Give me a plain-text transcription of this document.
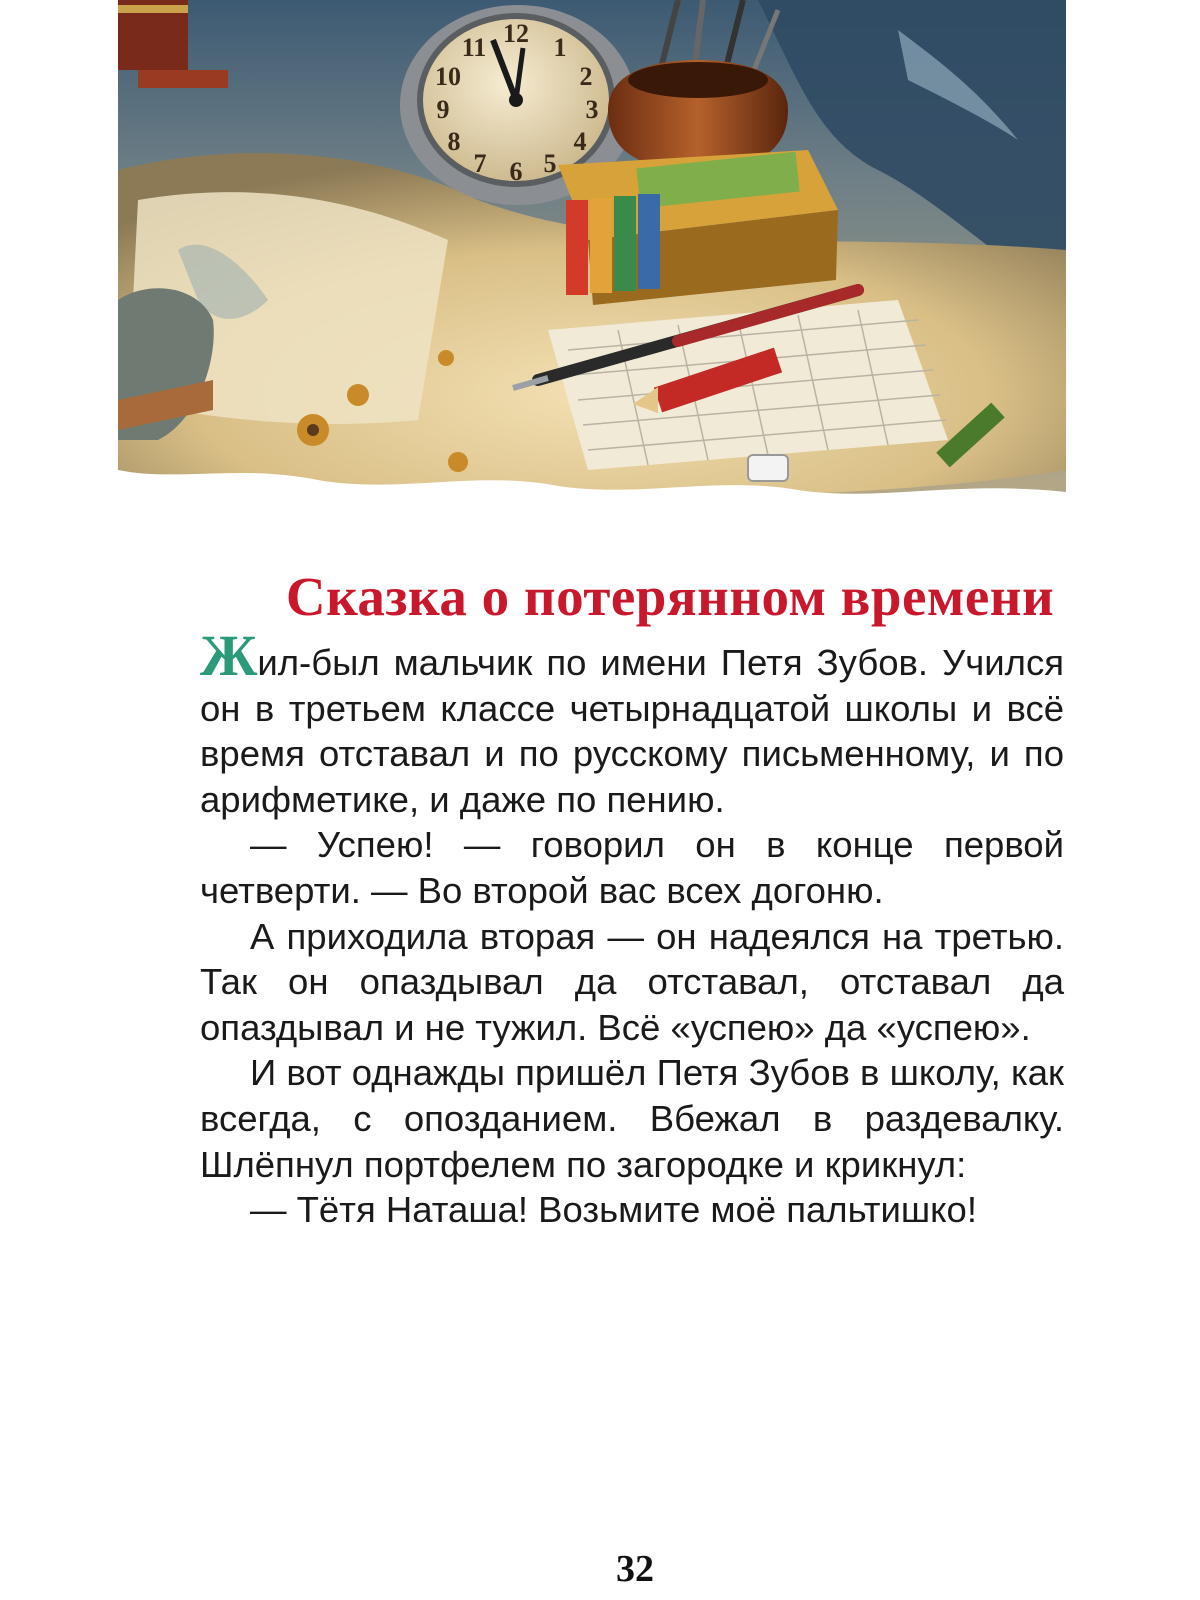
12 1
2
3
4
5
6
7
8
9
10
11
Сказка о потерянном времени

Жил-был мальчик по имени Петя Зубов. Учился он в третьем классе четырнадцатой школы и всё время отставал и по русскому письменному, и по арифметике, и даже по пению.

— Успею! — говорил он в конце первой четверти. — Во второй вас всех догоню.

А приходила вторая — он надеялся на третью. Так он опаздывал да отставал, отставал да опаздывал и не тужил. Всё «успею» да «успею».

И вот однажды пришёл Петя Зубов в школу, как всегда, с опозданием. Вбежал в раздевалку. Шлёпнул портфелем по загородке и крикнул:

— Тётя Наташа! Возьмите моё пальтишко!

32
